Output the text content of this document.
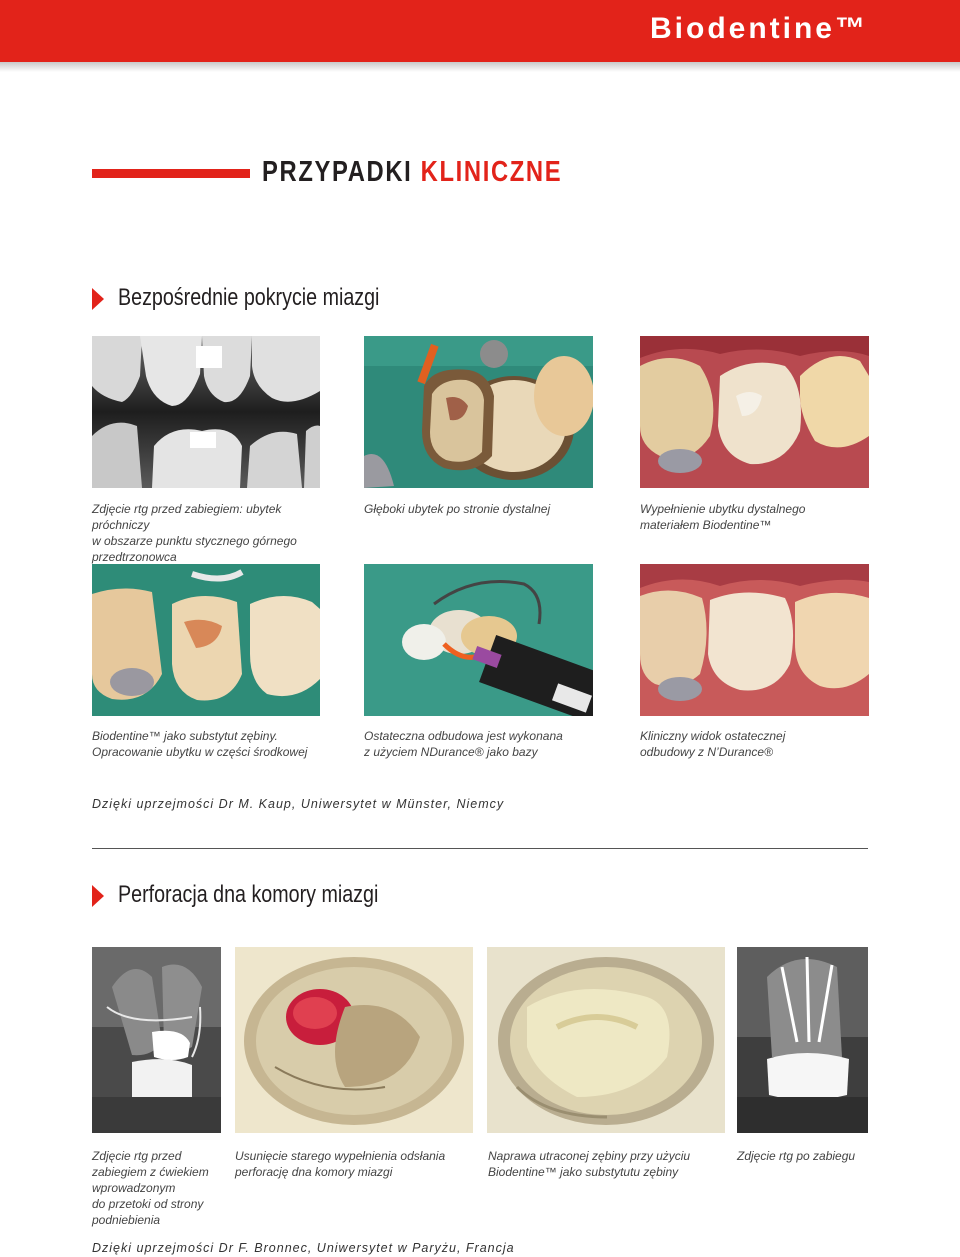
Biodentine™
PRZYPADKI KLINICZNE
Bezpośrednie pokrycie miazgi
Zdjęcie rtg przed zabiegiem: ubytek próchniczy
w obszarze punktu stycznego górnego
przedtrzonowca
Głęboki ubytek po stronie dystalnej	Wypełnienie ubytku dystalnego
materiałem Biodentine™
Biodentine™ jako substytut zębiny.
Opracowanie ubytku w części środkowej
Ostateczna odbudowa jest wykonana
z użyciem NDurance® jako bazy
Kliniczny widok ostatecznej
odbudowy z N’Durance®
Dzięki uprzejmości Dr M. Kaup, Uniwersytet w Münster, Niemcy
Perforacja dna komory miazgi
Zdjęcie rtg przed
zabiegiem z ćwiekiem
wprowadzonym
do przetoki od strony
podniebienia
Usunięcie starego wypełnienia odsłania
perforację dna komory miazgi
Naprawa utraconej zębiny przy użyciu
Biodentine™ jako substytutu zębiny
Zdjęcie rtg po zabiegu
Dzięki uprzejmości Dr F. Bronnec, Uniwersytet w Paryżu, Francja
